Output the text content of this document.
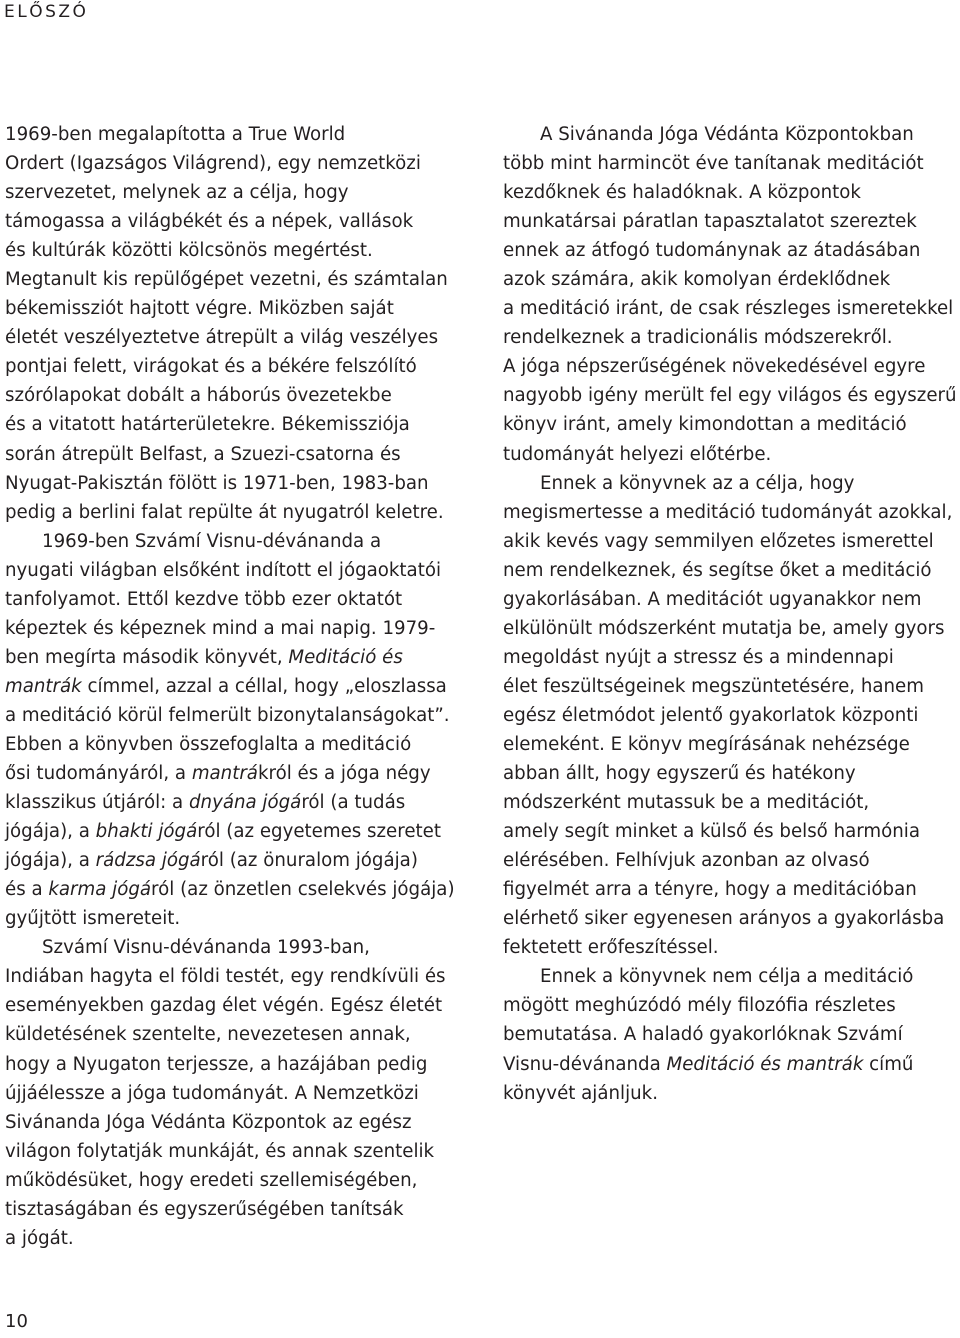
ELŐSZÓ
1969-ben megalapította a True World
Ordert (Igazságos Világrend), egy nemzetközi
szervezetet, melynek az a célja, hogy
támogassa a világbékét és a népek, vallások
és kultúrák közötti kölcsönös megértést.
Megtanult kis repülőgépet vezetni, és számtalan
békemissziót hajtott végre. Miközben saját
életét veszélyeztetve átrepült a világ veszélyes
pontjai felett, virágokat és a békére felszólító
szórólapokat dobált a háborús övezetekbe
és a vitatott határterületekre. Békemissziója
során átrepült Belfast, a Szuezi-csatorna és
Nyugat-Pakisztán fölött is 1971-ben, 1983-ban
pedig a berlini falat repülte át nyugatról keletre.
1969-ben Szvámí Visnu-dévánanda a
nyugati világban elsőként indított el jógaoktatói
tanfolyamot. Ettől kezdve több ezer oktatót
képeztek és képeznek mind a mai napig. 1979-
ben megírta második könyvét, Meditáció és
mantrák címmel, azzal a céllal, hogy „eloszlassa
a meditáció körül felmerült bizonytalanságokat”.
Ebben a könyvben összefoglalta a meditáció
ősi tudományáról, a mantrákról és a jóga négy
klasszikus útjáról: a dnyána jógáról (a tudás
jógája), a bhakti jógáról (az egyetemes szeretet
jógája), a rádzsa jógáról (az önuralom jógája)
és a karma jógáról (az önzetlen cselekvés jógája)
gyűjtött ismereteit.
Szvámí Visnu-dévánanda 1993-ban,
Indiában hagyta el földi testét, egy rendkívüli és
eseményekben gazdag élet végén. Egész életét
küldetésének szentelte, nevezetesen annak,
hogy a Nyugaton terjessze, a hazájában pedig
újjáélessze a jóga tudományát. A Nemzetközi
Sivánanda Jóga Védánta Központok az egész
világon folytatják munkáját, és annak szentelik
működésüket, hogy eredeti szellemiségében,
tisztaságában és egyszerűségében tanítsák
a jógát.
A Sivánanda Jóga Védánta Központokban
több mint harmincöt éve tanítanak meditációt
kezdőknek és haladóknak. A központok
munkatársai páratlan tapasztalatot szereztek
ennek az átfogó tudománynak az átadásában
azok számára, akik komolyan érdeklődnek
a meditáció iránt, de csak részleges ismeretekkel
rendelkeznek a tradicionális módszerekről.
A jóga népszerűségének növekedésével egyre
nagyobb igény merült fel egy világos és egyszerű
könyv iránt, amely kimondottan a meditáció
tudományát helyezi előtérbe.
Ennek a könyvnek az a célja, hogy
megismertesse a meditáció tudományát azokkal,
akik kevés vagy semmilyen előzetes ismerettel
nem rendelkeznek, és segítse őket a meditáció
gyakorlásában. A meditációt ugyanakkor nem
elkülönült módszerként mutatja be, amely gyors
megoldást nyújt a stressz és a mindennapi
élet feszültségeinek megszüntetésére, hanem
egész életmódot jelentő gyakorlatok központi
elemeként. E könyv megírásának nehézsége
abban állt, hogy egyszerű és hatékony
módszerként mutassuk be a meditációt,
amely segít minket a külső és belső harmónia
elérésében. Felhívjuk azonban az olvasó
figyelmét arra a tényre, hogy a meditációban
elérhető siker egyenesen arányos a gyakorlásba
fektetett erőfeszítéssel.
Ennek a könyvnek nem célja a meditáció
mögött meghúzódó mély filozófia részletes
bemutatása. A haladó gyakorlóknak Szvámí
Visnu-dévánanda Meditáció és mantrák című
könyvét ajánljuk.
10
